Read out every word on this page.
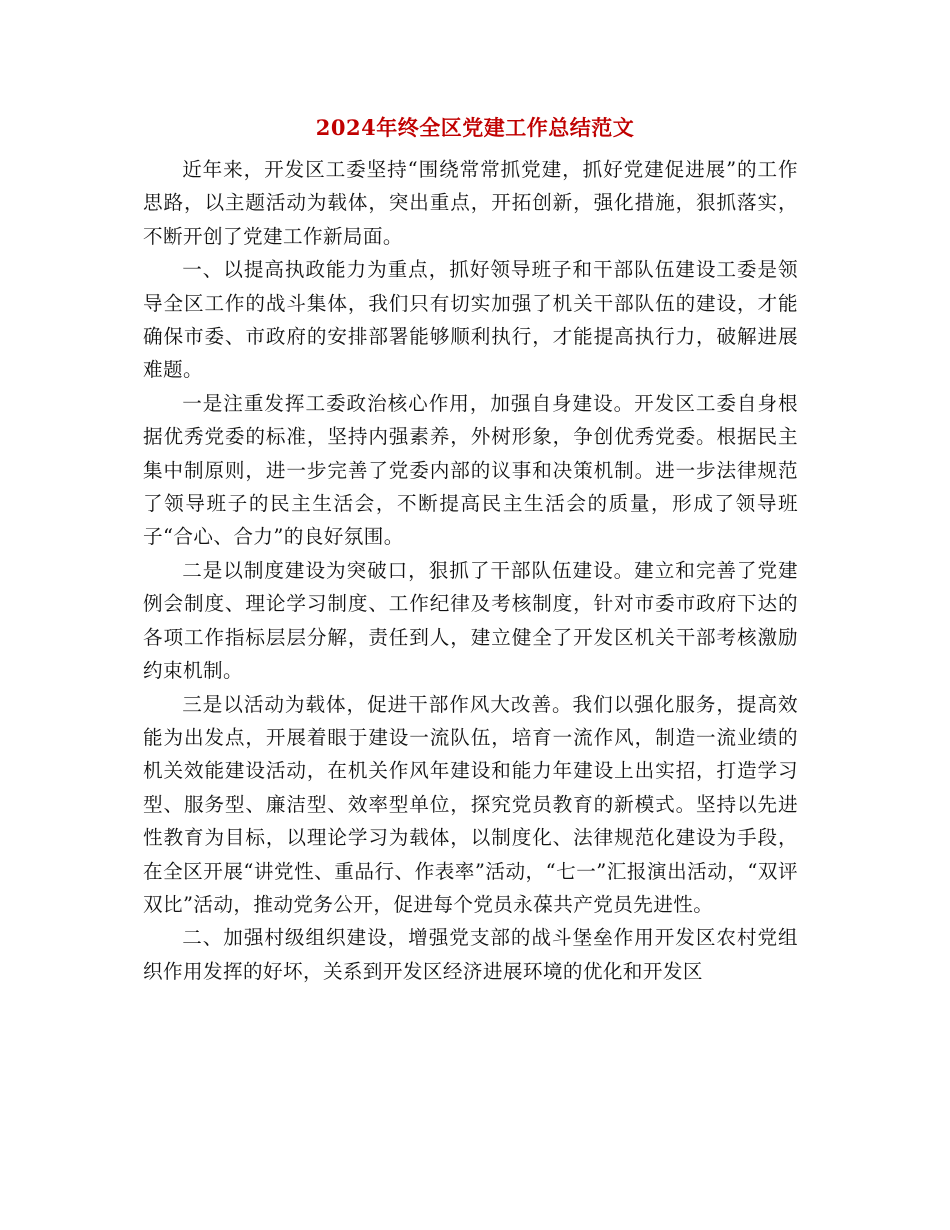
2024年终全区党建工作总结范文

近年来，开发区工委坚持“围绕常常抓党建，抓好党建促进展”的工作思路，以主题活动为载体，突出重点，开拓创新，强化措施，狠抓落实，不断开创了党建工作新局面。

一、以提高执政能力为重点，抓好领导班子和干部队伍建设工委是领导全区工作的战斗集体，我们只有切实加强了机关干部队伍的建设，才能确保市委、市政府的安排部署能够顺利执行，才能提高执行力，破解进展难题。

一是注重发挥工委政治核心作用，加强自身建设。开发区工委自身根据优秀党委的标准，坚持内强素养，外树形象，争创优秀党委。根据民主集中制原则，进一步完善了党委内部的议事和决策机制。进一步法律规范了领导班子的民主生活会，不断提高民主生活会的质量，形成了领导班子“合心、合力”的良好氛围。

二是以制度建设为突破口，狠抓了干部队伍建设。建立和完善了党建例会制度、理论学习制度、工作纪律及考核制度，针对市委市政府下达的各项工作指标层层分解，责任到人，建立健全了开发区机关干部考核激励约束机制。

三是以活动为载体，促进干部作风大改善。我们以强化服务，提高效能为出发点，开展着眼于建设一流队伍，培育一流作风，制造一流业绩的机关效能建设活动，在机关作风年建设和能力年建设上出实招，打造学习型、服务型、廉洁型、效率型单位，探究党员教育的新模式。坚持以先进性教育为目标，以理论学习为载体，以制度化、法律规范化建设为手段，在全区开展“讲党性、重品行、作表率”活动，“七一”汇报演出活动，“双评双比”活动，推动党务公开，促进每个党员永葆共产党员先进性。

二、加强村级组织建设，增强党支部的战斗堡垒作用开发区农村党组织作用发挥的好坏，关系到开发区经济进展环境的优化和开发区
